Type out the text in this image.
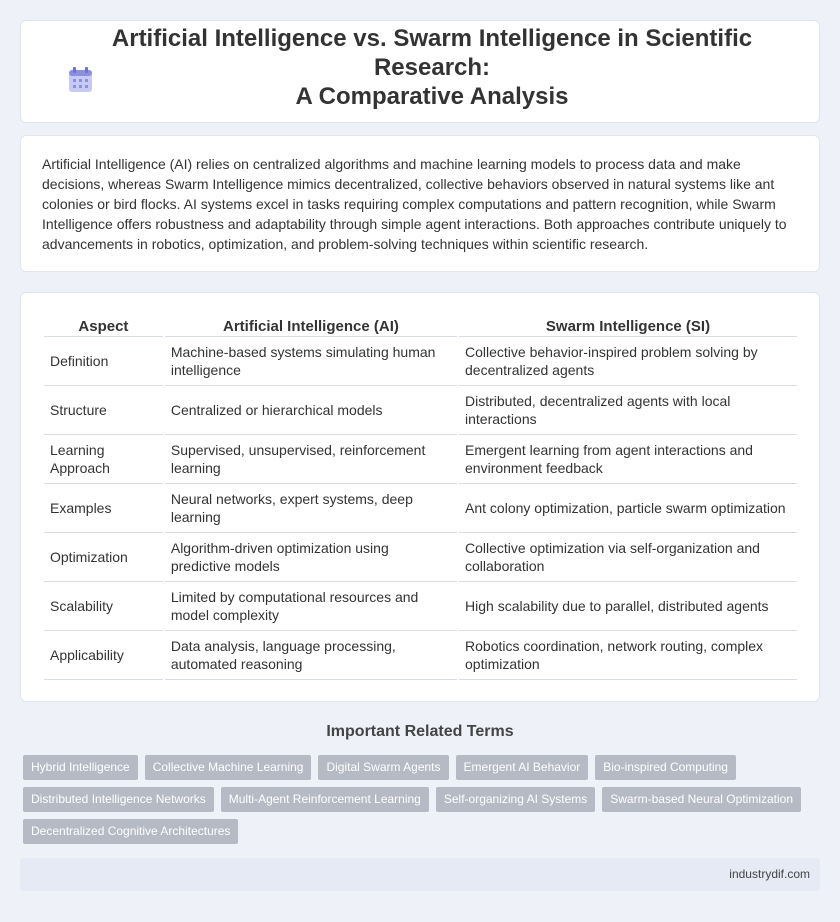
Artificial Intelligence vs. Swarm Intelligence in Scientific Research:
A Comparative Analysis

Artificial Intelligence (AI) relies on centralized algorithms and machine learning models to process data and make decisions, whereas Swarm Intelligence mimics decentralized, collective behaviors observed in natural systems like ant colonies or bird flocks. AI systems excel in tasks requiring complex computations and pattern recognition, while Swarm Intelligence offers robustness and adaptability through simple agent interactions. Both approaches contribute uniquely to advancements in robotics, optimization, and problem-solving techniques within scientific research.

Aspect	Artificial Intelligence (AI)	Swarm Intelligence (SI)
Definition	Machine-based systems simulating human intelligence	Collective behavior-inspired problem solving by decentralized agents
Structure	Centralized or hierarchical models	Distributed, decentralized agents with local interactions
Learning Approach	Supervised, unsupervised, reinforcement learning	Emergent learning from agent interactions and environment feedback
Examples	Neural networks, expert systems, deep learning	Ant colony optimization, particle swarm optimization
Optimization	Algorithm-driven optimization using predictive models	Collective optimization via self-organization and collaboration
Scalability	Limited by computational resources and model complexity	High scalability due to parallel, distributed agents
Applicability	Data analysis, language processing, automated reasoning	Robotics coordination, network routing, complex optimization
Important Related Terms
Hybrid Intelligence	Collective Machine Learning	Digital Swarm Agents	Emergent AI Behavior	Bio-inspired Computing
Distributed Intelligence Networks	Multi-Agent Reinforcement Learning	Self-organizing AI Systems	Swarm-based Neural Optimization
Decentralized Cognitive Architectures
industrydif.com
